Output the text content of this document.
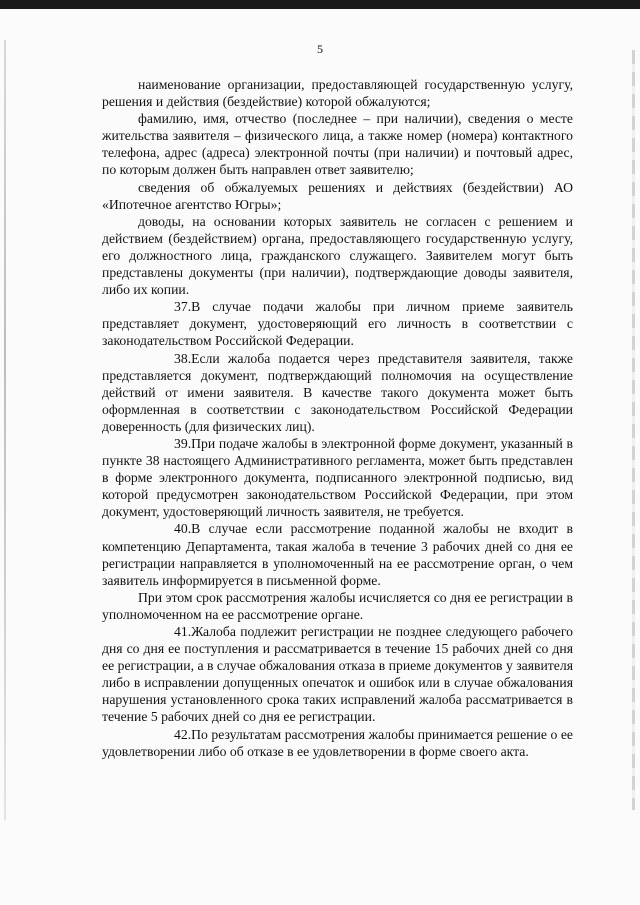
5

наименование организации, предоставляющей государственную услугу, решения и действия (бездействие) которой обжалуются;

фамилию, имя, отчество (последнее – при наличии), сведения о месте жительства заявителя – физического лица, а также номер (номера) контактного телефона, адрес (адреса) электронной почты (при наличии) и почтовый адрес, по которым должен быть направлен ответ заявителю;

сведения об обжалуемых решениях и действиях (бездействии) АО «Ипотечное агентство Югры»;

доводы, на основании которых заявитель не согласен с решением и действием (бездействием) органа, предоставляющего государственную услугу, его должностного лица, гражданского служащего. Заявителем могут быть представлены документы (при наличии), подтверждающие доводы заявителя, либо их копии.

37.В случае подачи жалобы при личном приеме заявитель представляет документ, удостоверяющий его личность в соответствии с законодательством Российской Федерации.

38.Если жалоба подается через представителя заявителя, также представляется документ, подтверждающий полномочия на осуществление действий от имени заявителя. В качестве такого документа может быть оформленная в соответствии с законодательством Российской Федерации доверенность (для физических лиц).

39.При подаче жалобы в электронной форме документ, указанный в пункте 38 настоящего Административного регламента, может быть представлен в форме электронного документа, подписанного электронной подписью, вид которой предусмотрен законодательством Российской Федерации, при этом документ, удостоверяющий личность заявителя, не требуется.

40.В случае если рассмотрение поданной жалобы не входит в компетенцию Департамента, такая жалоба в течение 3 рабочих дней со дня ее регистрации направляется в уполномоченный на ее рассмотрение орган, о чем заявитель информируется в письменной форме.

При этом срок рассмотрения жалобы исчисляется со дня ее регистрации в уполномоченном на ее рассмотрение органе.

41.Жалоба подлежит регистрации не позднее следующего рабочего дня со дня ее поступления и рассматривается в течение 15 рабочих дней со дня ее регистрации, а в случае обжалования отказа в приеме документов у заявителя либо в исправлении допущенных опечаток и ошибок или в случае обжалования нарушения установленного срока таких исправлений жалоба рассматривается в течение 5 рабочих дней со дня ее регистрации.

42.По результатам рассмотрения жалобы принимается решение о ее удовлетворении либо об отказе в ее удовлетворении в форме своего акта.
